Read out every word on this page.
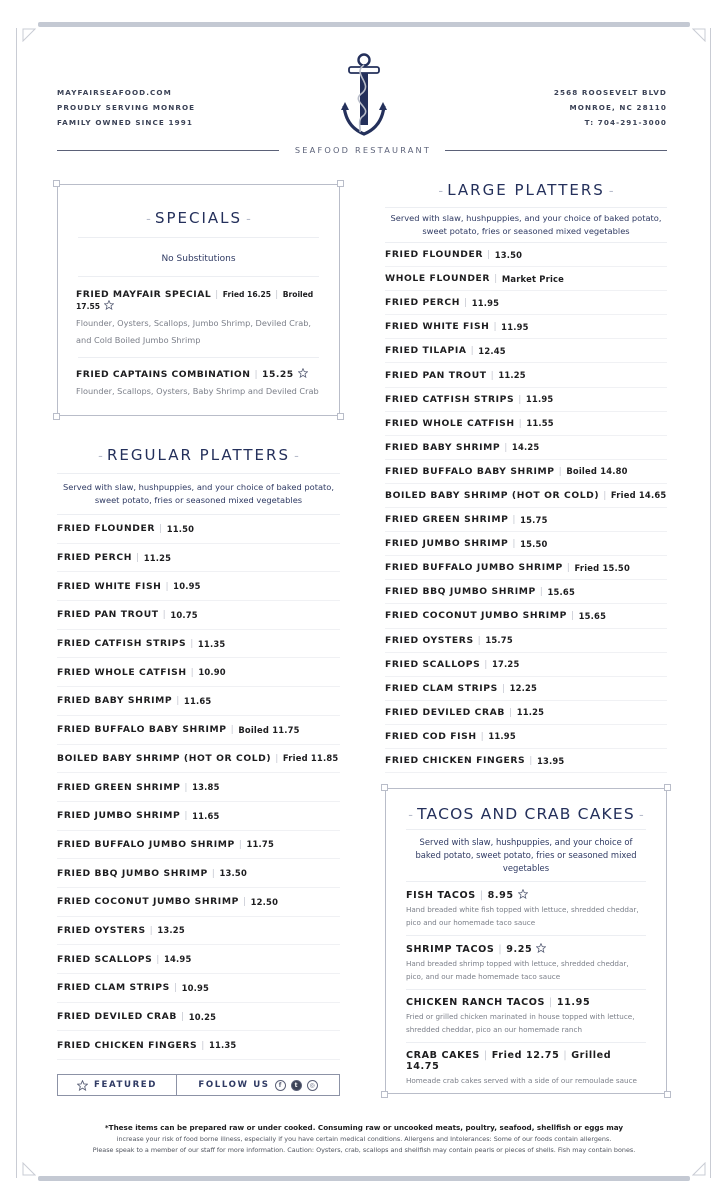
MAYFAIRSEAFOOD.COM
PROUDLY SERVING MONROE
FAMILY OWNED SINCE 1991
2568 ROOSEVELT BLVD
MONROE, NC 28110
T: 704-291-3000
SEAFOOD RESTAURANT
- SPECIALS -
No Substitutions
FRIED MAYFAIR SPECIAL | Fried 16.25 | Broiled 17.55
Flounder, Oysters, Scallops, Jumbo Shrimp, Deviled Crab, and Cold Boiled Jumbo Shrimp
FRIED CAPTAINS COMBINATION | 15.25
Flounder, Scallops, Oysters, Baby Shrimp and Deviled Crab
- REGULAR PLATTERS -
Served with slaw, hushpuppies, and your choice of baked potato, sweet potato, fries or seasoned mixed vegetables
FRIED FLOUNDER | 11.50
FRIED PERCH | 11.25
FRIED WHITE FISH | 10.95
FRIED PAN TROUT | 10.75
FRIED CATFISH STRIPS | 11.35
FRIED WHOLE CATFISH | 10.90
FRIED BABY SHRIMP | 11.65
FRIED BUFFALO BABY SHRIMP | Boiled 11.75
BOILED BABY SHRIMP (HOT OR COLD) | Fried 11.85
FRIED GREEN SHRIMP | 13.85
FRIED JUMBO SHRIMP | 11.65
FRIED BUFFALO JUMBO SHRIMP | 11.75
FRIED BBQ JUMBO SHRIMP | 13.50
FRIED COCONUT JUMBO SHRIMP | 12.50
FRIED OYSTERS | 13.25
FRIED SCALLOPS | 14.95
FRIED CLAM STRIPS | 10.95
FRIED DEVILED CRAB | 10.25
FRIED CHICKEN FINGERS | 11.35
FEATURED	FOLLOW US	f	t	◎
- LARGE PLATTERS -
Served with slaw, hushpuppies, and your choice of baked potato, sweet potato, fries or seasoned mixed vegetables
FRIED FLOUNDER | 13.50
WHOLE FLOUNDER | Market Price
FRIED PERCH | 11.95
FRIED WHITE FISH | 11.95
FRIED TILAPIA | 12.45
FRIED PAN TROUT | 11.25
FRIED CATFISH STRIPS | 11.95
FRIED WHOLE CATFISH | 11.55
FRIED BABY SHRIMP | 14.25
FRIED BUFFALO BABY SHRIMP | Boiled 14.80
BOILED BABY SHRIMP (HOT OR COLD) | Fried 14.65
FRIED GREEN SHRIMP | 15.75
FRIED JUMBO SHRIMP | 15.50
FRIED BUFFALO JUMBO SHRIMP | Fried 15.50
FRIED BBQ JUMBO SHRIMP | 15.65
FRIED COCONUT JUMBO SHRIMP | 15.65
FRIED OYSTERS | 15.75
FRIED SCALLOPS | 17.25
FRIED CLAM STRIPS | 12.25
FRIED DEVILED CRAB | 11.25
FRIED COD FISH | 11.95
FRIED CHICKEN FINGERS | 13.95
- TACOS AND CRAB CAKES -
Served with slaw, hushpuppies, and your choice of baked potato, sweet potato, fries or seasoned mixed vegetables
FISH TACOS | 8.95
Hand breaded white fish topped with lettuce, shredded cheddar, pico and our homemade taco sauce
SHRIMP TACOS | 9.25
Hand breaded shrimp topped with lettuce, shredded cheddar, pico, and our made homemade taco sauce
CHICKEN RANCH TACOS | 11.95
Fried or grilled chicken marinated in house topped with lettuce, shredded cheddar, pico an our homemade ranch
CRAB CAKES | Fried 12.75 | Grilled 14.75
Homeade crab cakes served with a side of our remoulade sauce
*These items can be prepared raw or under cooked. Consuming raw or uncooked meats, poultry, seafood, shellfish or eggs may
increase your risk of food borne illness, especially if you have certain medical conditions. Allergens and Intolerances: Some of our foods contain allergens.
Please speak to a member of our staff for more information. Caution: Oysters, crab, scallops and shellfish may contain pearls or pieces of shells. Fish may contain bones.
